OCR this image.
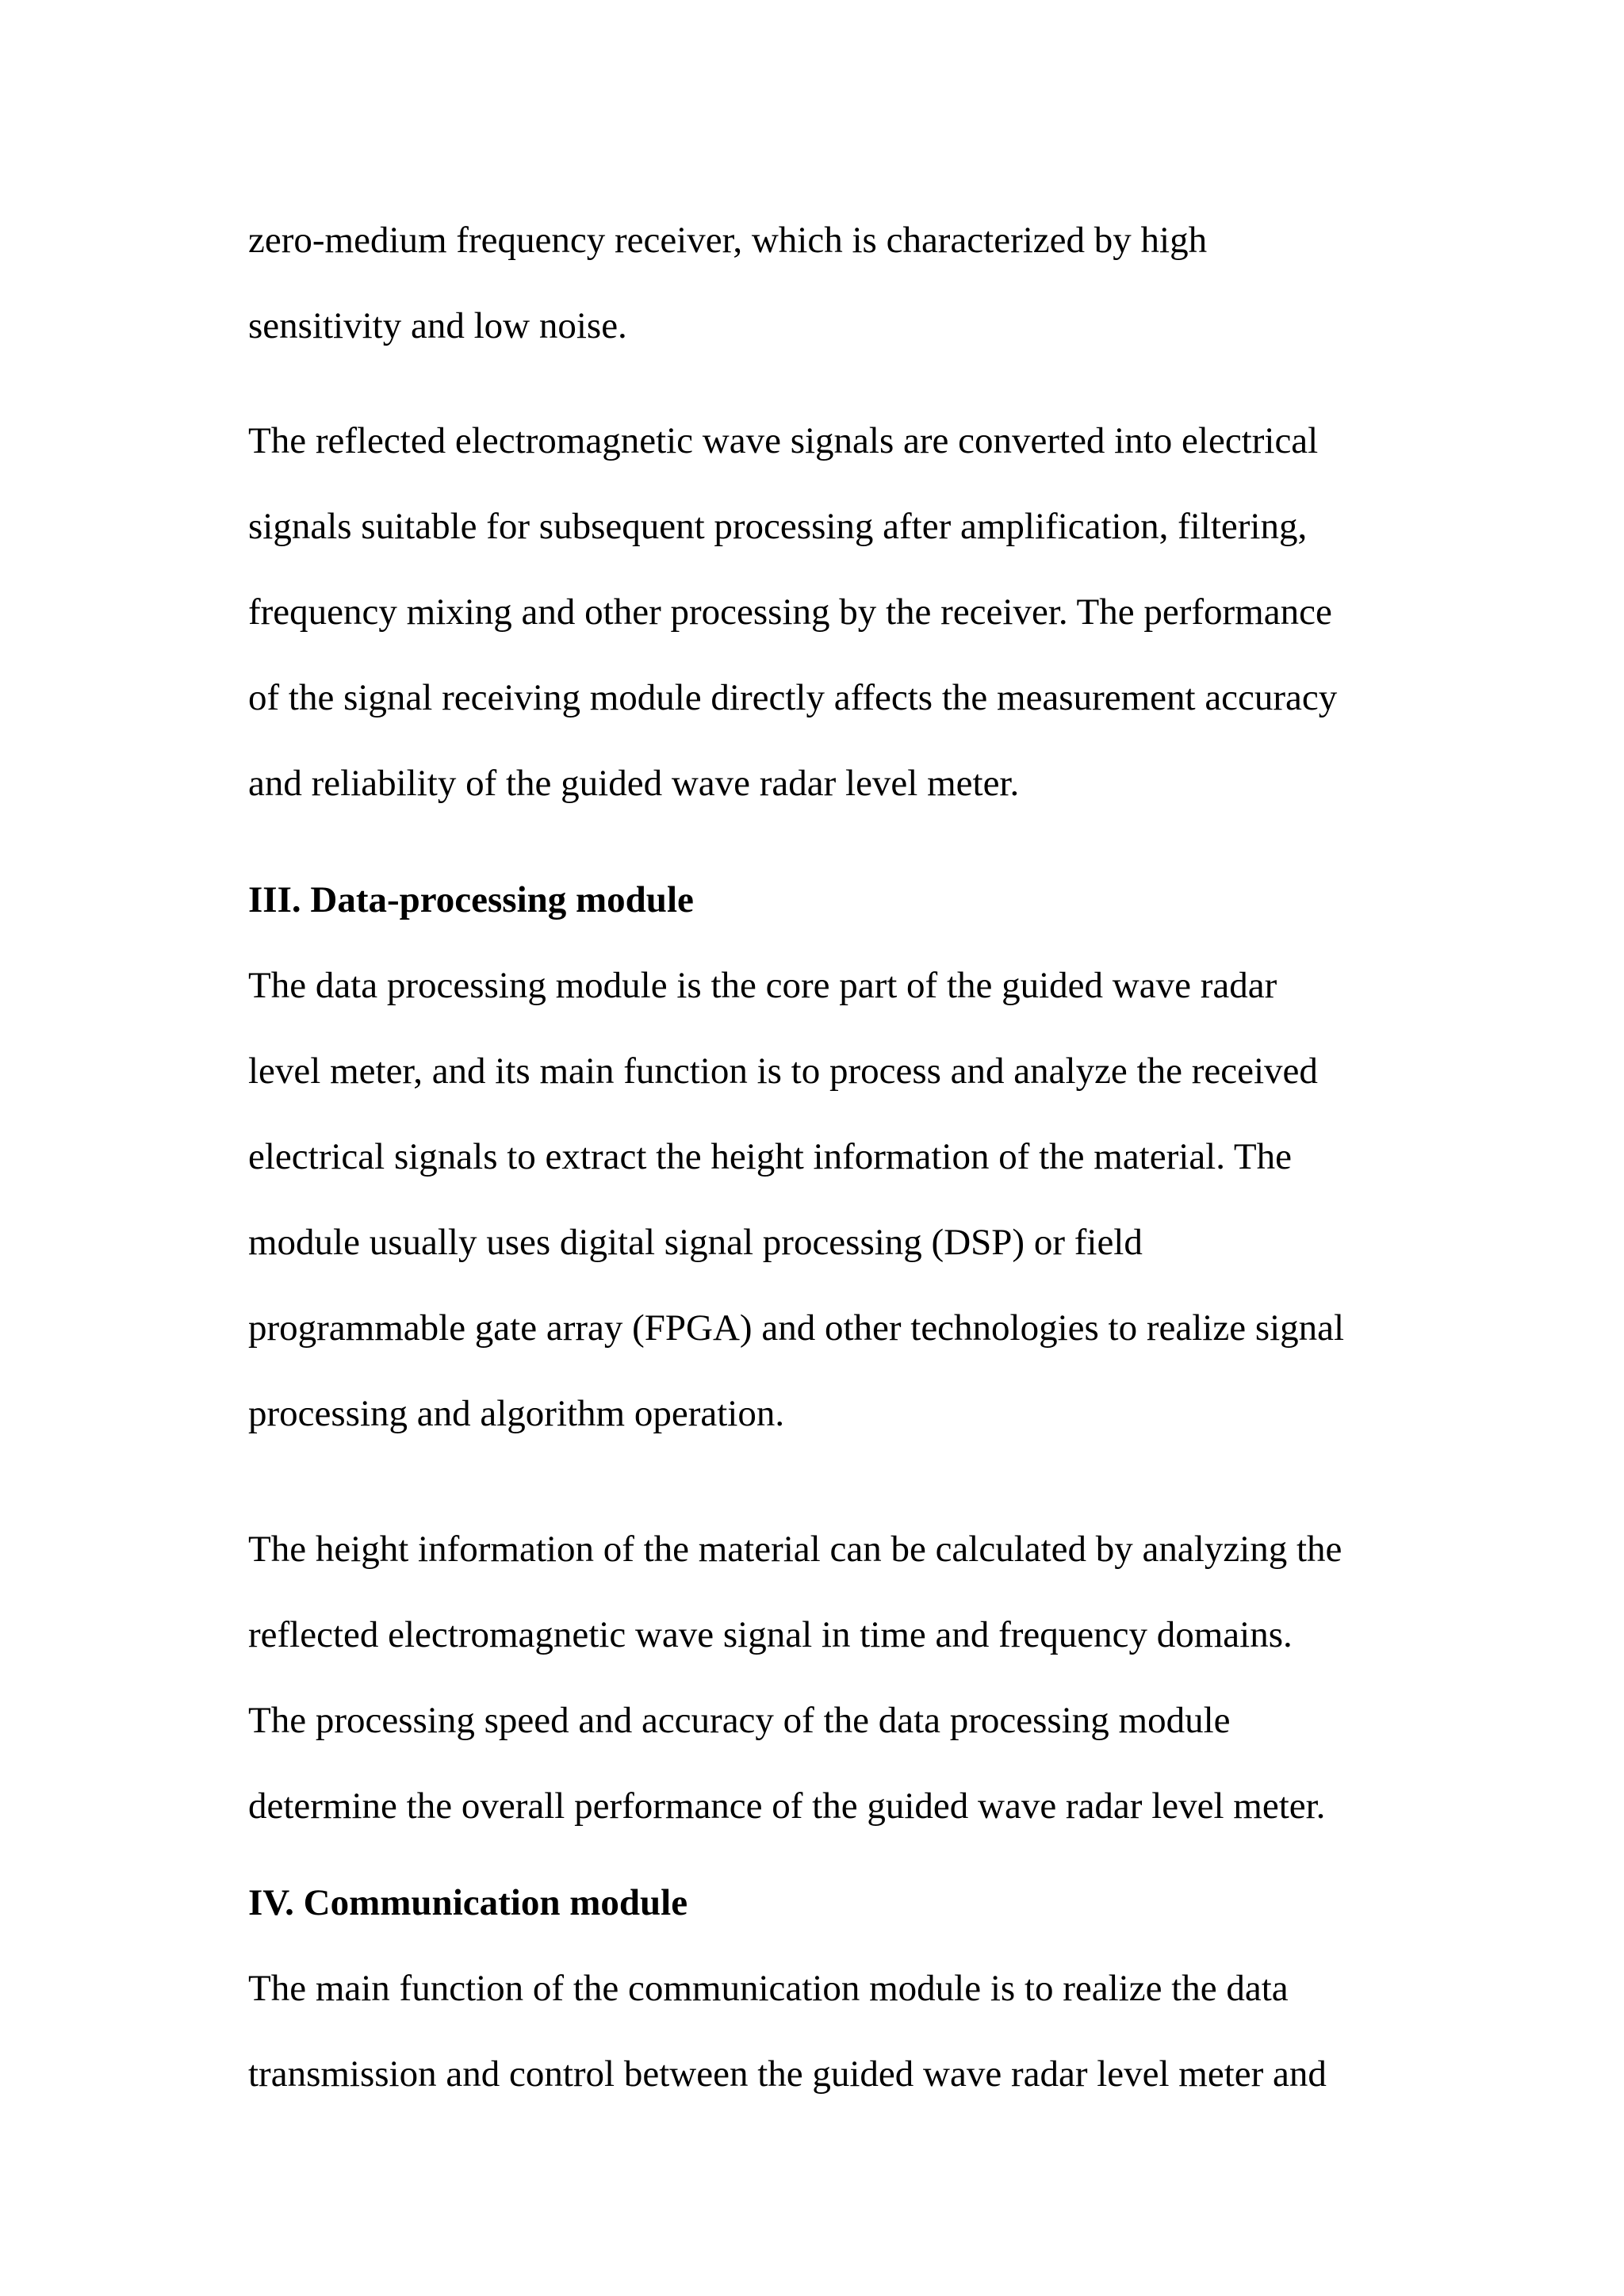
zero-medium frequency receiver, which is characterized by high
sensitivity and low noise.
The reflected electromagnetic wave signals are converted into electrical
signals suitable for subsequent processing after amplification, filtering,
frequency mixing and other processing by the receiver. The performance
of the signal receiving module directly affects the measurement accuracy
and reliability of the guided wave radar level meter.
III. Data-processing module
The data processing module is the core part of the guided wave radar
level meter, and its main function is to process and analyze the received
electrical signals to extract the height information of the material. The
module usually uses digital signal processing (DSP) or field
programmable gate array (FPGA) and other technologies to realize signal
processing and algorithm operation.
The height information of the material can be calculated by analyzing the
reflected electromagnetic wave signal in time and frequency domains.
The processing speed and accuracy of the data processing module
determine the overall performance of the guided wave radar level meter.
IV. Communication module
The main function of the communication module is to realize the data
transmission and control between the guided wave radar level meter and
